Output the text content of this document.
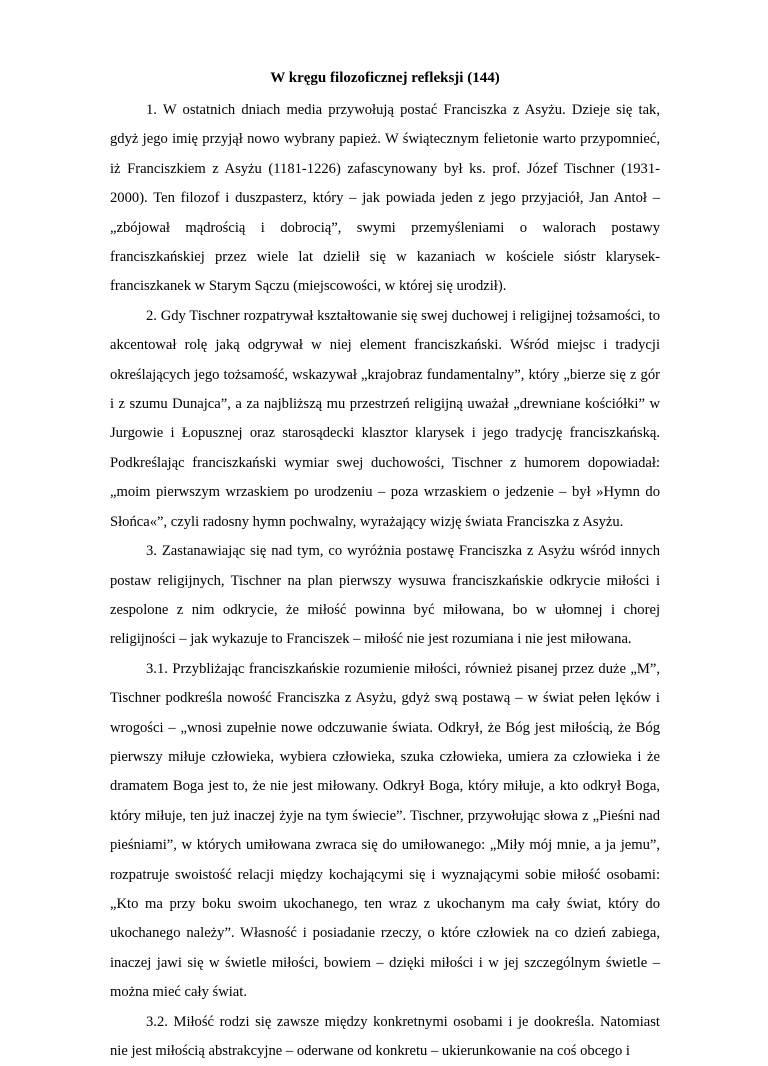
W kręgu filozoficznej refleksji (144)

1. W ostatnich dniach media przywołują postać Franciszka z Asyżu. Dzieje się tak, gdyż jego imię przyjął nowo wybrany papież. W świątecznym felietonie warto przypomnieć, iż Franciszkiem z Asyżu (1181-1226) zafascynowany był ks. prof. Józef Tischner (1931-2000). Ten filozof i duszpasterz, który – jak powiada jeden z jego przyjaciół, Jan Antoł – „zbójował mądrością i dobrocią”, swymi przemyśleniami o walorach postawy franciszkańskiej przez wiele lat dzielił się w kazaniach w kościele sióstr klarysek-franciszkanek w Starym Sączu (miejscowości, w której się urodził).

2. Gdy Tischner rozpatrywał kształtowanie się swej duchowej i religijnej tożsamości, to akcentował rolę jaką odgrywał w niej element franciszkański. Wśród miejsc i tradycji określających jego tożsamość, wskazywał „krajobraz fundamentalny”, który „bierze się z gór i z szumu Dunajca”, a za najbliższą mu przestrzeń religijną uważał „drewniane kościółki” w Jurgowie i Łopusznej oraz starosądecki klasztor klarysek i jego tradycję franciszkańską. Podkreślając franciszkański wymiar swej duchowości, Tischner z humorem dopowiadał: „moim pierwszym wrzaskiem po urodzeniu – poza wrzaskiem o jedzenie – był »Hymn do Słońca«”, czyli radosny hymn pochwalny, wyrażający wizję świata Franciszka z Asyżu.

3. Zastanawiając się nad tym, co wyróżnia postawę Franciszka z Asyżu wśród innych postaw religijnych, Tischner na plan pierwszy wysuwa franciszkańskie odkrycie miłości i zespolone z nim odkrycie, że miłość powinna być miłowana, bo w ułomnej i chorej religijności – jak wykazuje to Franciszek – miłość nie jest rozumiana i nie jest miłowana.

3.1. Przybliżając franciszkańskie rozumienie miłości, również pisanej przez duże „M”, Tischner podkreśla nowość Franciszka z Asyżu, gdyż swą postawą – w świat pełen lęków i wrogości – „wnosi zupełnie nowe odczuwanie świata. Odkrył, że Bóg jest miłością, że Bóg pierwszy miłuje człowieka, wybiera człowieka, szuka człowieka, umiera za człowieka i że dramatem Boga jest to, że nie jest miłowany. Odkrył Boga, który miłuje, a kto odkrył Boga, który miłuje, ten już inaczej żyje na tym świecie”. Tischner, przywołując słowa z „Pieśni nad pieśniami”, w których umiłowana zwraca się do umiłowanego: „Miły mój mnie, a ja jemu”, rozpatruje swoistość relacji między kochającymi się i wyznającymi sobie miłość osobami: „Kto ma przy boku swoim ukochanego, ten wraz z ukochanym ma cały świat, który do ukochanego należy”. Własność i posiadanie rzeczy, o które człowiek na co dzień zabiega, inaczej jawi się w świetle miłości, bowiem – dzięki miłości i w jej szczególnym świetle – można mieć cały świat.

3.2. Miłość rodzi się zawsze między konkretnymi osobami i je dookreśla. Natomiast nie jest miłością abstrakcyjne – oderwane od konkretu – ukierunkowanie na coś obcego i
